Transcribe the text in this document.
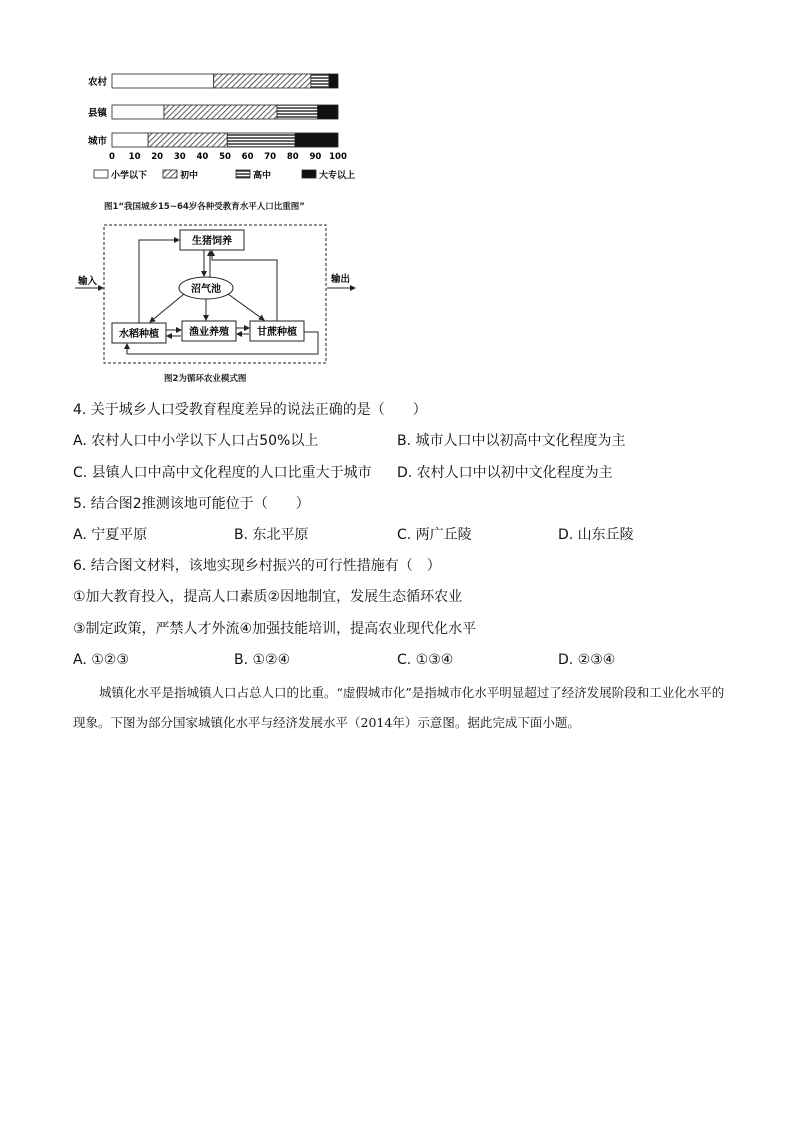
农村
县镇
城市
0 10 20 30 40 50 60 70 80 90 100
小学以下	初中	高中	大专以上
图1“我国城乡15~64岁各种受教育水平人口比重图”
生猪饲养
沼气池
水稻种植	渔业养殖	甘蔗种植
输入	输出
图2为循环农业模式图
4. 关于城乡人口受教育程度差异的说法正确的是（　　）
A. 农村人口中小学以下人口占50%以上	B. 城市人口中以初高中文化程度为主
C. 县镇人口中高中文化程度的人口比重大于城市 D. 农村人口中以初中文化程度为主
5. 结合图2推测该地可能位于（　　）
A. 宁夏平原	B. 东北平原	C. 两广丘陵	D. 山东丘陵
6. 结合图文材料，该地实现乡村振兴的可行性措施有（　）
①加大教育投入，提高人口素质②因地制宜，发展生态循环农业
③制定政策，严禁人才外流④加强技能培训，提高农业现代化水平
A. ①②③	B. ①②④	C. ①③④	D. ②③④
城镇化水平是指城镇人口占总人口的比重。“虚假城市化”是指城市化水平明显超过了经济发展阶段和工业化水平的现象。下图为部分国家城镇化水平与经济发展水平（2014年）示意图。据此完成下面小题。
